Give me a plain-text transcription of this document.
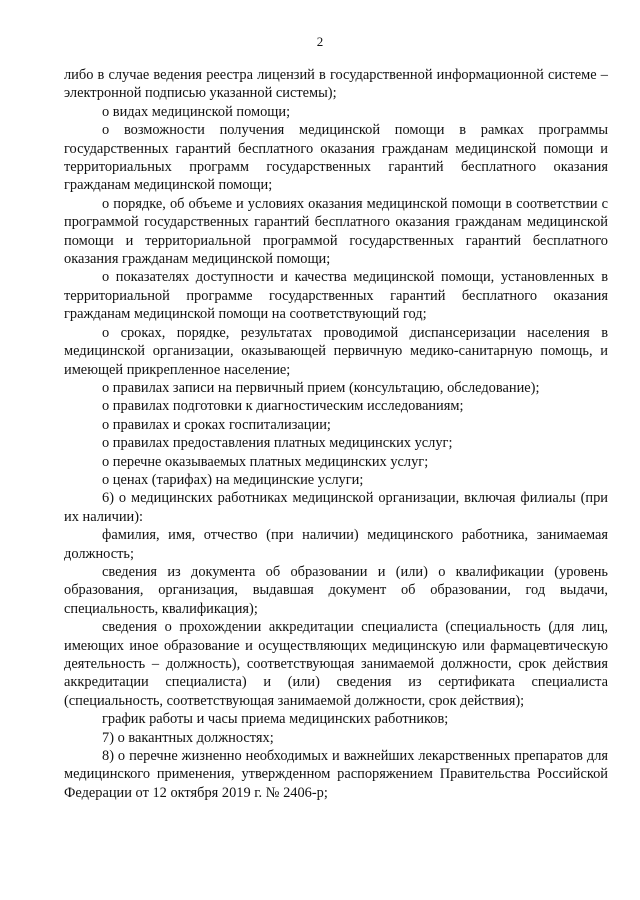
2

либо в случае ведения реестра лицензий в государственной информационной системе – электронной подписью указанной системы);

о видах медицинской помощи;

о возможности получения медицинской помощи в рамках программы государственных гарантий бесплатного оказания гражданам медицинской помощи и территориальных программ государственных гарантий бесплатного оказания гражданам медицинской помощи;

о порядке, об объеме и условиях оказания медицинской помощи в соответствии с программой государственных гарантий бесплатного оказания гражданам медицинской помощи и территориальной программой государственных гарантий бесплатного оказания гражданам медицинской помощи;

о показателях доступности и качества медицинской помощи, установленных в территориальной программе государственных гарантий бесплатного оказания гражданам медицинской помощи на соответствующий год;

о сроках, порядке, результатах проводимой диспансеризации населения в медицинской организации, оказывающей первичную медико-санитарную помощь, и имеющей прикрепленное население;

о правилах записи на первичный прием (консультацию, обследование);

о правилах подготовки к диагностическим исследованиям;

о правилах и сроках госпитализации;

о правилах предоставления платных медицинских услуг;

о перечне оказываемых платных медицинских услуг;

о ценах (тарифах) на медицинские услуги;

6) о медицинских работниках медицинской организации, включая филиалы (при их наличии):

фамилия, имя, отчество (при наличии) медицинского работника, занимаемая должность;

сведения из документа об образовании и (или) о квалификации (уровень образования, организация, выдавшая документ об образовании, год выдачи, специальность, квалификация);

сведения о прохождении аккредитации специалиста (специальность (для лиц, имеющих иное образование и осуществляющих медицинскую или фармацевтическую деятельность – должность), соответствующая занимаемой должности, срок действия аккредитации специалиста) и (или) сведения из сертификата специалиста (специальность, соответствующая занимаемой должности, срок действия);

график работы и часы приема медицинских работников;

7) о вакантных должностях;

8) о перечне жизненно необходимых и важнейших лекарственных препаратов для медицинского применения, утвержденном распоряжением Правительства Российской Федерации от 12 октября 2019 г. № 2406-р;
